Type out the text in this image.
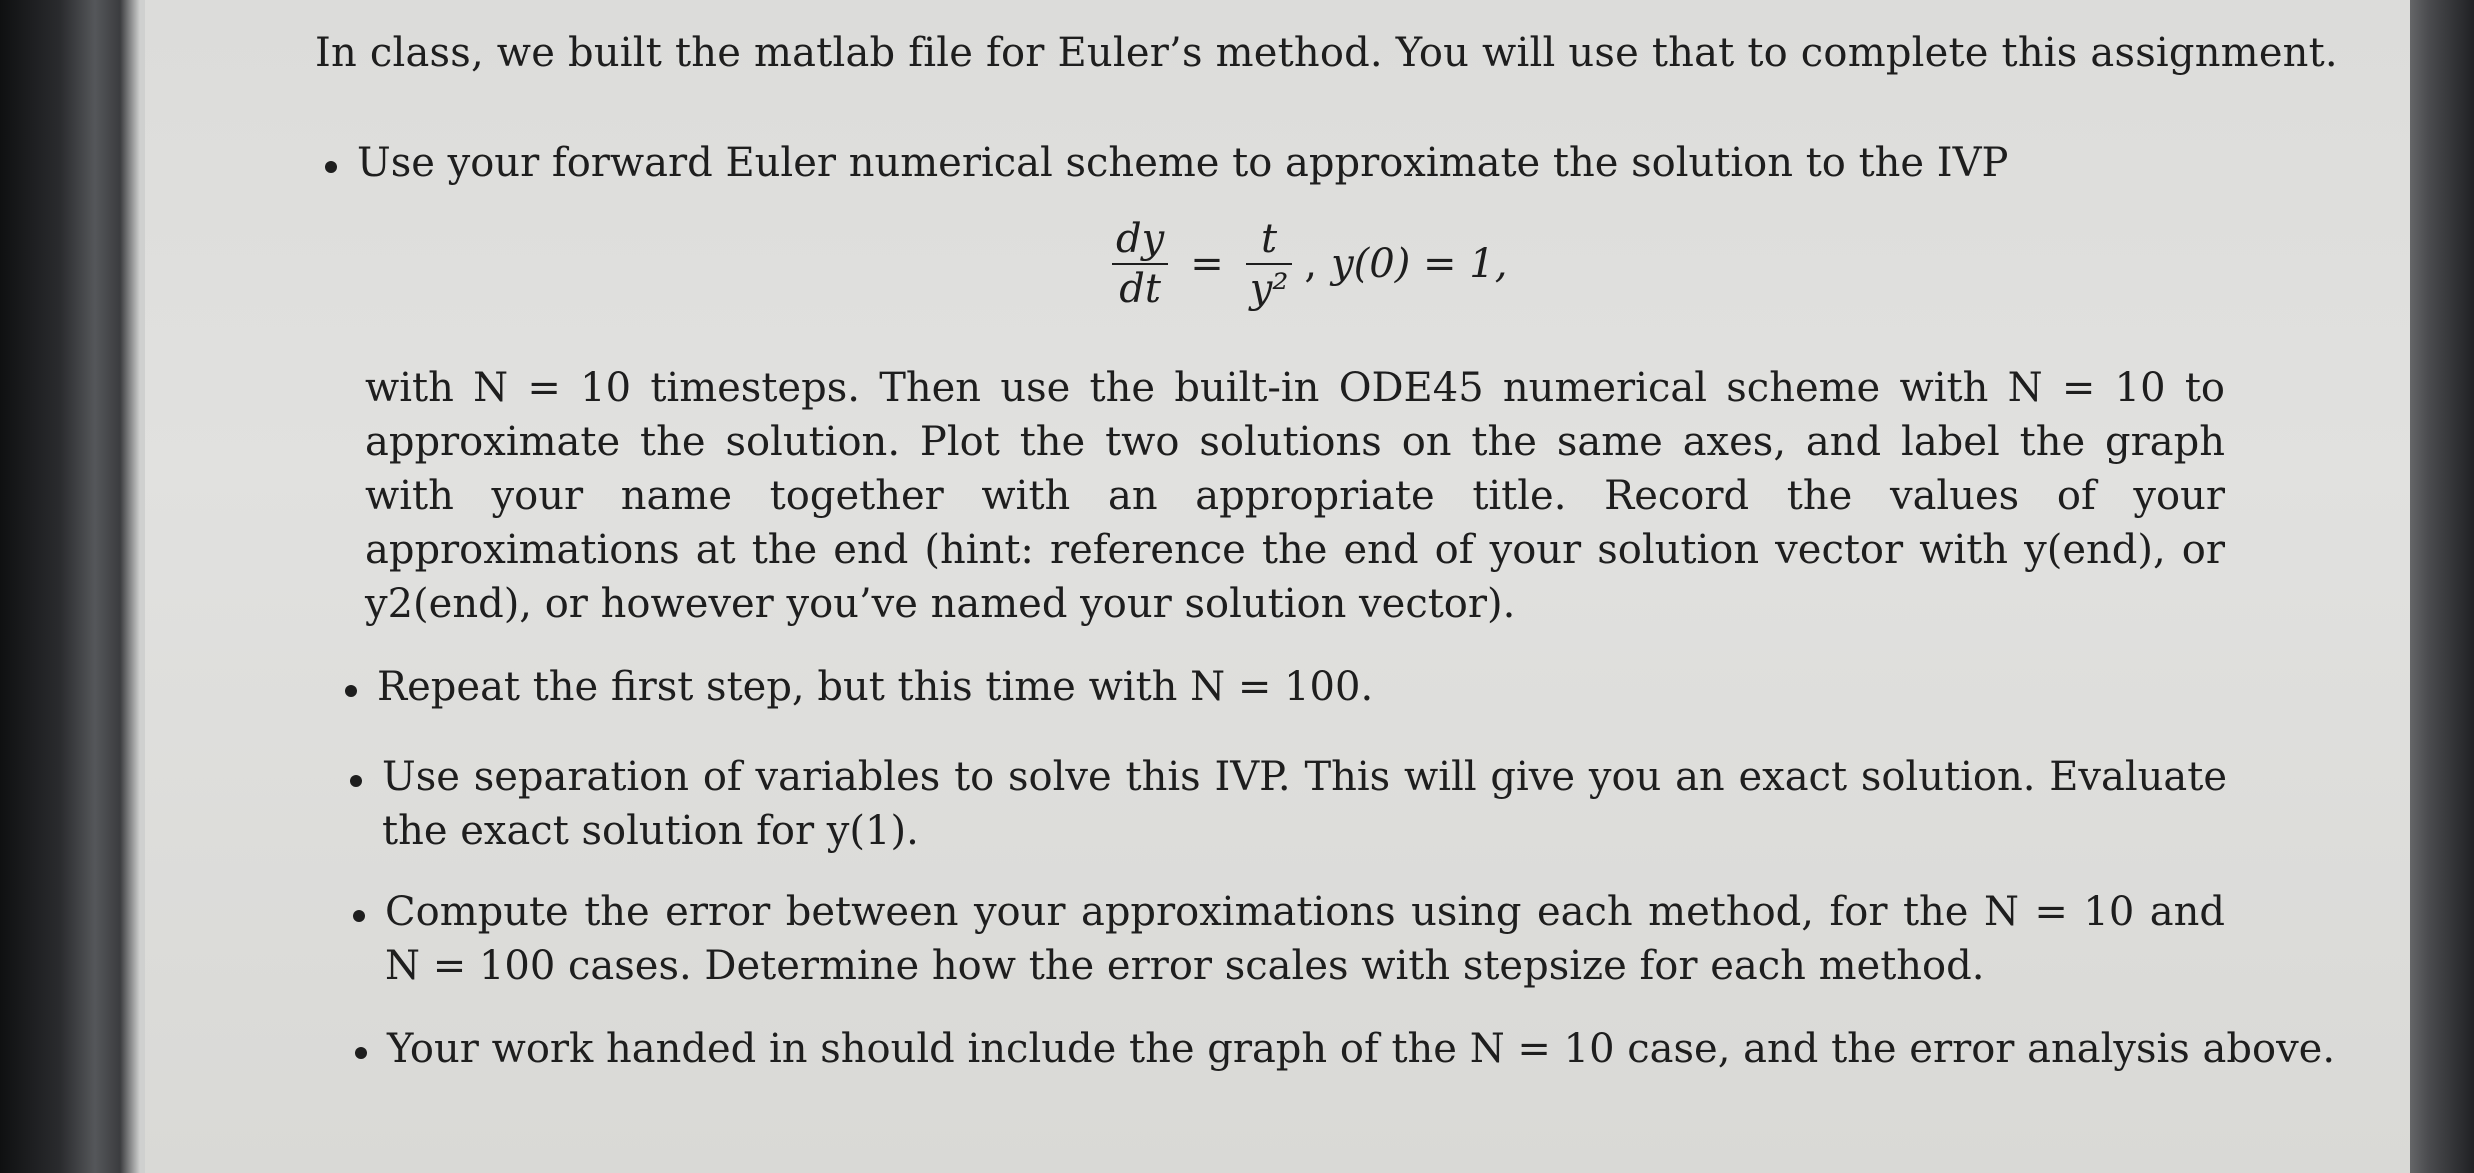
In class, we built the matlab file for Euler’s method. You will use that to complete this assignment.
Use your forward Euler numerical scheme to approximate the solution to the IVP
with N = 10 timesteps. Then use the built-in ODE45 numerical scheme with N = 10 to approximate the solution. Plot the two solutions on the same axes, and label the graph with your name together with an appropriate title. Record the values of your approximations at the end (hint: reference the end of your solution vector with y(end), or y2(end), or however you’ve named your solution vector).
$\frac{dy}{dt} = \frac{t}{\text{y²}}$ , y(0) = 1,
Repeat the first step, but this time with N = 100.
Use separation of variables to solve this IVP. This will give you an exact solution. Evaluate the exact solution for y(1).
Compute the error between your approximations using each method, for the N = 10 and N = 100 cases. Determine how the error scales with stepsize for each method.
Your work handed in should include the graph of the N = 10 case, and the error analysis above.
